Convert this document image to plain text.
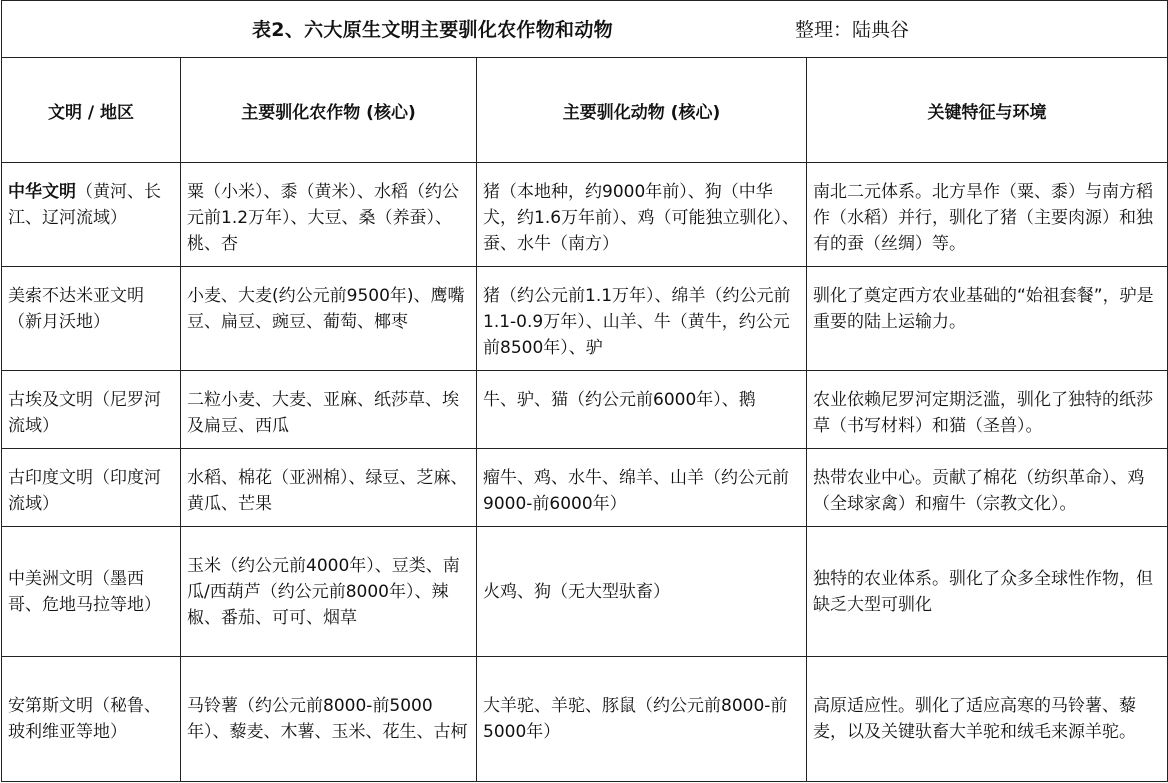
表2、六大原生文明主要驯化农作物和动物 整理：陆典谷			

文明 / 地区	主要驯化农作物 (核心)	主要驯化动物 (核心)	关键特征与环境
中华文明（黄河、长江、辽河流域）	粟（小米）、黍（黄米）、水稻（约公元前1.2万年）、大豆、桑（养蚕）、桃、杏	猪（本地种，约9000年前）、狗（中华犬，约1.6万年前）、鸡（可能独立驯化）、蚕、水牛（南方）	南北二元体系。北方旱作（粟、黍）与南方稻作（水稻）并行，驯化了猪（主要肉源）和独有的蚕（丝绸）等。
美索不达米亚文明（新月沃地）	小麦、大麦(约公元前9500年)、鹰嘴豆、扁豆、豌豆、葡萄、椰枣	猪（约公元前1.1万年）、绵羊（约公元前1.1-0.9万年）、山羊、牛（黄牛，约公元前8500年）、驴	驯化了奠定西方农业基础的“始祖套餐”，驴是重要的陆上运输力。
古埃及文明（尼罗河流域）	二粒小麦、大麦、亚麻、纸莎草、埃及扁豆、西瓜	牛、驴、猫（约公元前6000年）、鹅	农业依赖尼罗河定期泛滥，驯化了独特的纸莎草（书写材料）和猫（圣兽）。
古印度文明（印度河流域）	水稻、棉花（亚洲棉）、绿豆、芝麻、黄瓜、芒果	瘤牛、鸡、水牛、绵羊、山羊（约公元前9000-前6000年）	热带农业中心。贡献了棉花（纺织革命）、鸡（全球家禽）和瘤牛（宗教文化）。
中美洲文明（墨西哥、危地马拉等地）	玉米（约公元前4000年）、豆类、南瓜/西葫芦（约公元前8000年）、辣椒、番茄、可可、烟草	火鸡、狗（无大型驮畜）	独特的农业体系。驯化了众多全球性作物，但缺乏大型可驯化
安第斯文明（秘鲁、玻利维亚等地）	马铃薯（约公元前8000-前5000年）、藜麦、木薯、玉米、花生、古柯	大羊驼、羊驼、豚鼠（约公元前8000-前5000年）	高原适应性。驯化了适应高寒的马铃薯、藜麦，以及关键驮畜大羊驼和绒毛来源羊驼。
